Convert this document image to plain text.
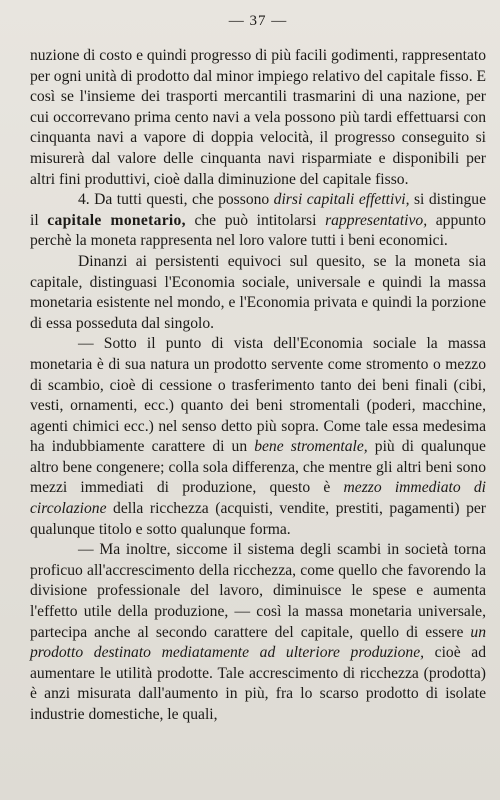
— 37 —

nuzione di costo e quindi progresso di più facili godimenti, rappresentato per ogni unità di prodotto dal minor impiego relativo del capitale fisso. E così se l'insieme dei trasporti mercantili trasmarini di una nazione, per cui occorrevano prima cento navi a vela possono più tardi effettuarsi con cinquanta navi a vapore di doppia velocità, il progresso conseguito si misurerà dal valore delle cinquanta navi risparmiate e disponibili per altri fini produttivi, cioè dalla diminuzione del capitale fisso.

4. Da tutti questi, che possono dirsi capitali effettivi, si distingue il capitale monetario, che può intitolarsi rappresentativo, appunto perchè la moneta rappresenta nel loro valore tutti i beni economici.

Dinanzi ai persistenti equivoci sul quesito, se la moneta sia capitale, distinguasi l'Economia sociale, universale e quindi la massa monetaria esistente nel mondo, e l'Economia privata e quindi la porzione di essa posseduta dal singolo.

— Sotto il punto di vista dell'Economia sociale la massa monetaria è di sua natura un prodotto servente come stromento o mezzo di scambio, cioè di cessione o trasferimento tanto dei beni finali (cibi, vesti, ornamenti, ecc.) quanto dei beni stromentali (poderi, macchine, agenti chimici ecc.) nel senso detto più sopra. Come tale essa medesima ha indubbiamente carattere di un bene stromentale, più di qualunque altro bene congenere; colla sola differenza, che mentre gli altri beni sono mezzi immediati di produzione, questo è mezzo immediato di circolazione della ricchezza (acquisti, vendite, prestiti, pagamenti) per qualunque titolo e sotto qualunque forma.

— Ma inoltre, siccome il sistema degli scambi in società torna proficuo all'accrescimento della ricchezza, come quello che favorendo la divisione professionale del lavoro, diminuisce le spese e aumenta l'effetto utile della produzione, — così la massa monetaria universale, partecipa anche al secondo carattere del capitale, quello di essere un prodotto destinato mediatamente ad ulteriore produzione, cioè ad aumentare le utilità prodotte. Tale accrescimento di ricchezza (prodotta) è anzi misurata dall'aumento in più, fra lo scarso prodotto di isolate industrie domestiche, le quali,
